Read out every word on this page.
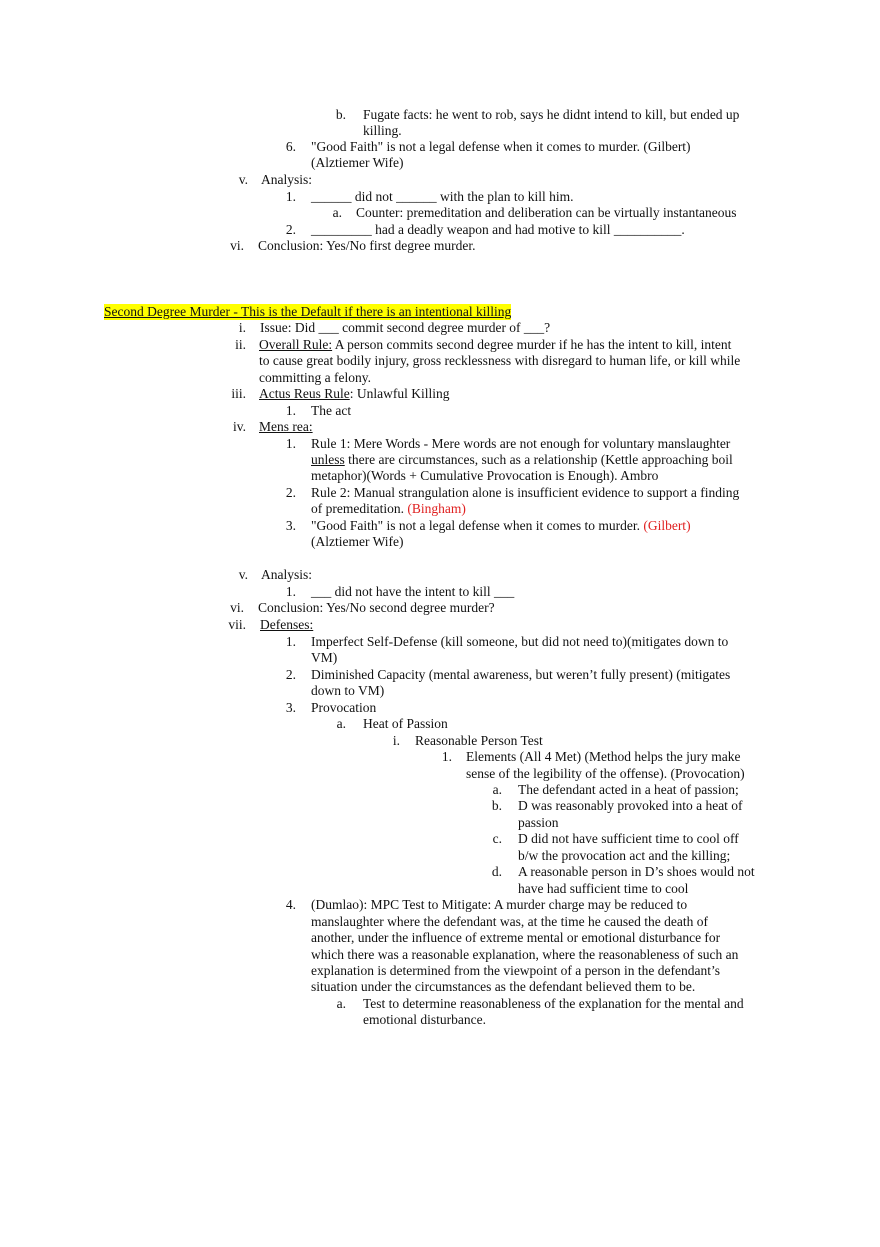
b. Fugate facts: he went to rob, says he didnt intend to kill, but ended up
killing.
6. "Good Faith" is not a legal defense when it comes to murder. (Gilbert)
(Alztiemer Wife)
v. Analysis:
1. ______ did not ______ with the plan to kill him.
a. Counter: premeditation and deliberation can be virtually instantaneous
2. _________ had a deadly weapon and had motive to kill __________.
vi. Conclusion: Yes/No first degree murder.
Second Degree Murder - This is the Default if there is an intentional killing
i. Issue: Did ___ commit second degree murder of ___?
ii. Overall Rule: A person commits second degree murder if he has the intent to kill, intent
to cause great bodily injury, gross recklessness with disregard to human life, or kill while
committing a felony.
iii. Actus Reus Rule: Unlawful Killing
1. The act
iv. Mens rea:
1. Rule 1: Mere Words - Mere words are not enough for voluntary manslaughter
unless there are circumstances, such as a relationship (Kettle approaching boil
metaphor)(Words + Cumulative Provocation is Enough). Ambro
2. Rule 2: Manual strangulation alone is insufficient evidence to support a finding
of premeditation. (Bingham)
3. "Good Faith" is not a legal defense when it comes to murder. (Gilbert)
(Alztiemer Wife)
v. Analysis:
1. ___ did not have the intent to kill ___
vi. Conclusion: Yes/No second degree murder?
vii. Defenses:
1. Imperfect Self-Defense (kill someone, but did not need to)(mitigates down to
VM)
2. Diminished Capacity (mental awareness, but weren’t fully present) (mitigates
down to VM)
3. Provocation
a. Heat of Passion
i. Reasonable Person Test
1. Elements (All 4 Met) (Method helps the jury make
sense of the legibility of the offense). (Provocation)
a. The defendant acted in a heat of passion;
b. D was reasonably provoked into a heat of
passion
c. D did not have sufficient time to cool off
b/w the provocation act and the killing;
d. A reasonable person in D’s shoes would not
have had sufficient time to cool
4. (Dumlao): MPC Test to Mitigate: A murder charge may be reduced to
manslaughter where the defendant was, at the time he caused the death of
another, under the influence of extreme mental or emotional disturbance for
which there was a reasonable explanation, where the reasonableness of such an
explanation is determined from the viewpoint of a person in the defendant’s
situation under the circumstances as the defendant believed them to be.
a. Test to determine reasonableness of the explanation for the mental and
emotional disturbance.
